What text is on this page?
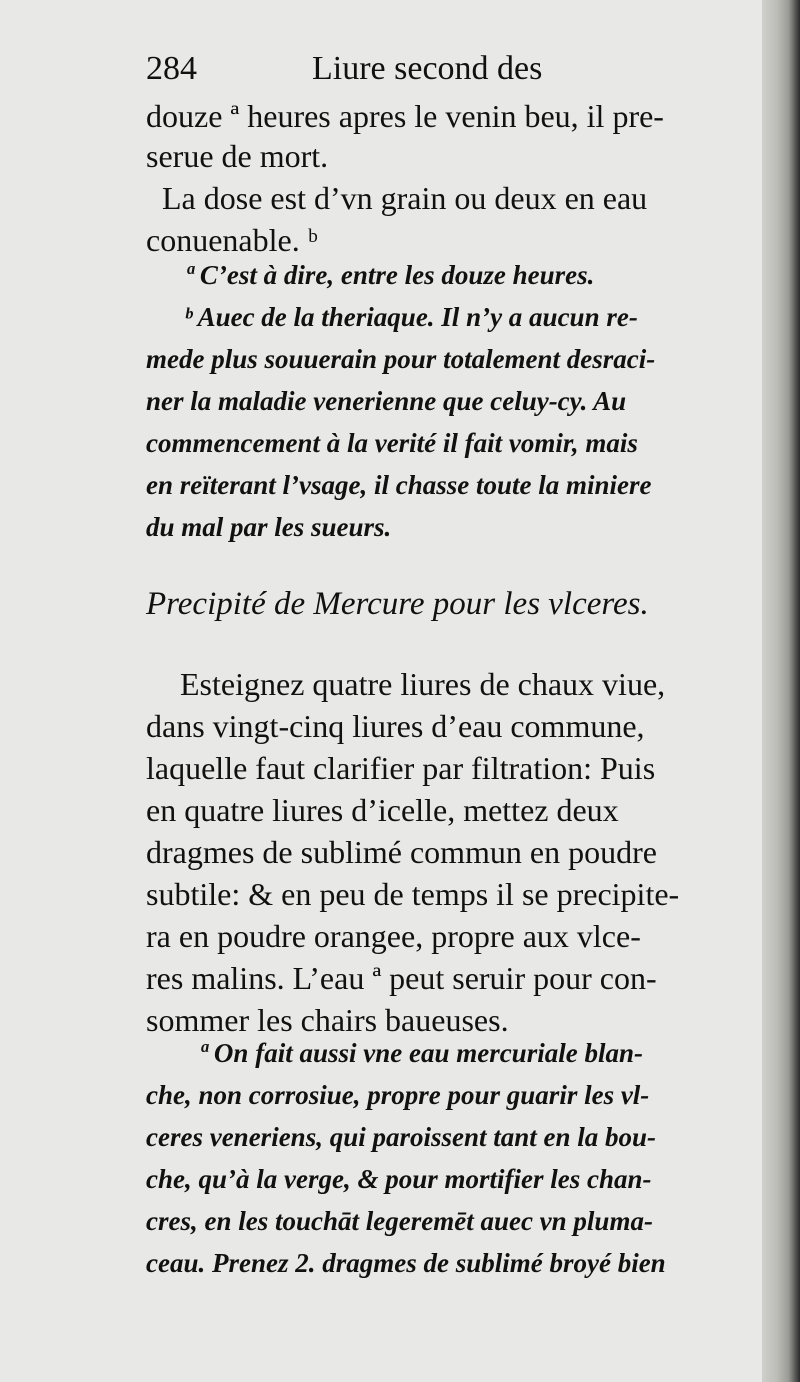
284	Liure second des
douze ª heures apres le venin beu, il pre-
serue de mort.
La dose est d’vn grain ou deux en eau
conuenable. ᵇ
ª C’est à dire, entre les douze heures.
ᵇ Auec de la theriaque. Il n’y a aucun re-
mede plus souuerain pour totalement desraci-
ner la maladie venerienne que celuy-cy. Au
commencement à la verité il fait vomir, mais
en reïterant l’vsage, il chasse toute la miniere
du mal par les sueurs.
Precipité de Mercure pour les vlceres.
Esteignez quatre liures de chaux viue,
dans vingt-cinq liures d’eau commune,
laquelle faut clarifier par filtration: Puis
en quatre liures d’icelle, mettez deux
dragmes de sublimé commun en poudre
subtile: & en peu de temps il se precipite-
ra en poudre orangee, propre aux vlce-
res malins. L’eau ª peut seruir pour con-
sommer les chairs baueuses.
ª On fait aussi vne eau mercuriale blan-
che, non corrosiue, propre pour guarir les vl-
ceres veneriens, qui paroissent tant en la bou-
che, qu’à la verge, & pour mortifier les chan-
cres, en les touchāt legeremēt auec vn pluma-
ceau. Prenez 2. dragmes de sublimé broyé bien
